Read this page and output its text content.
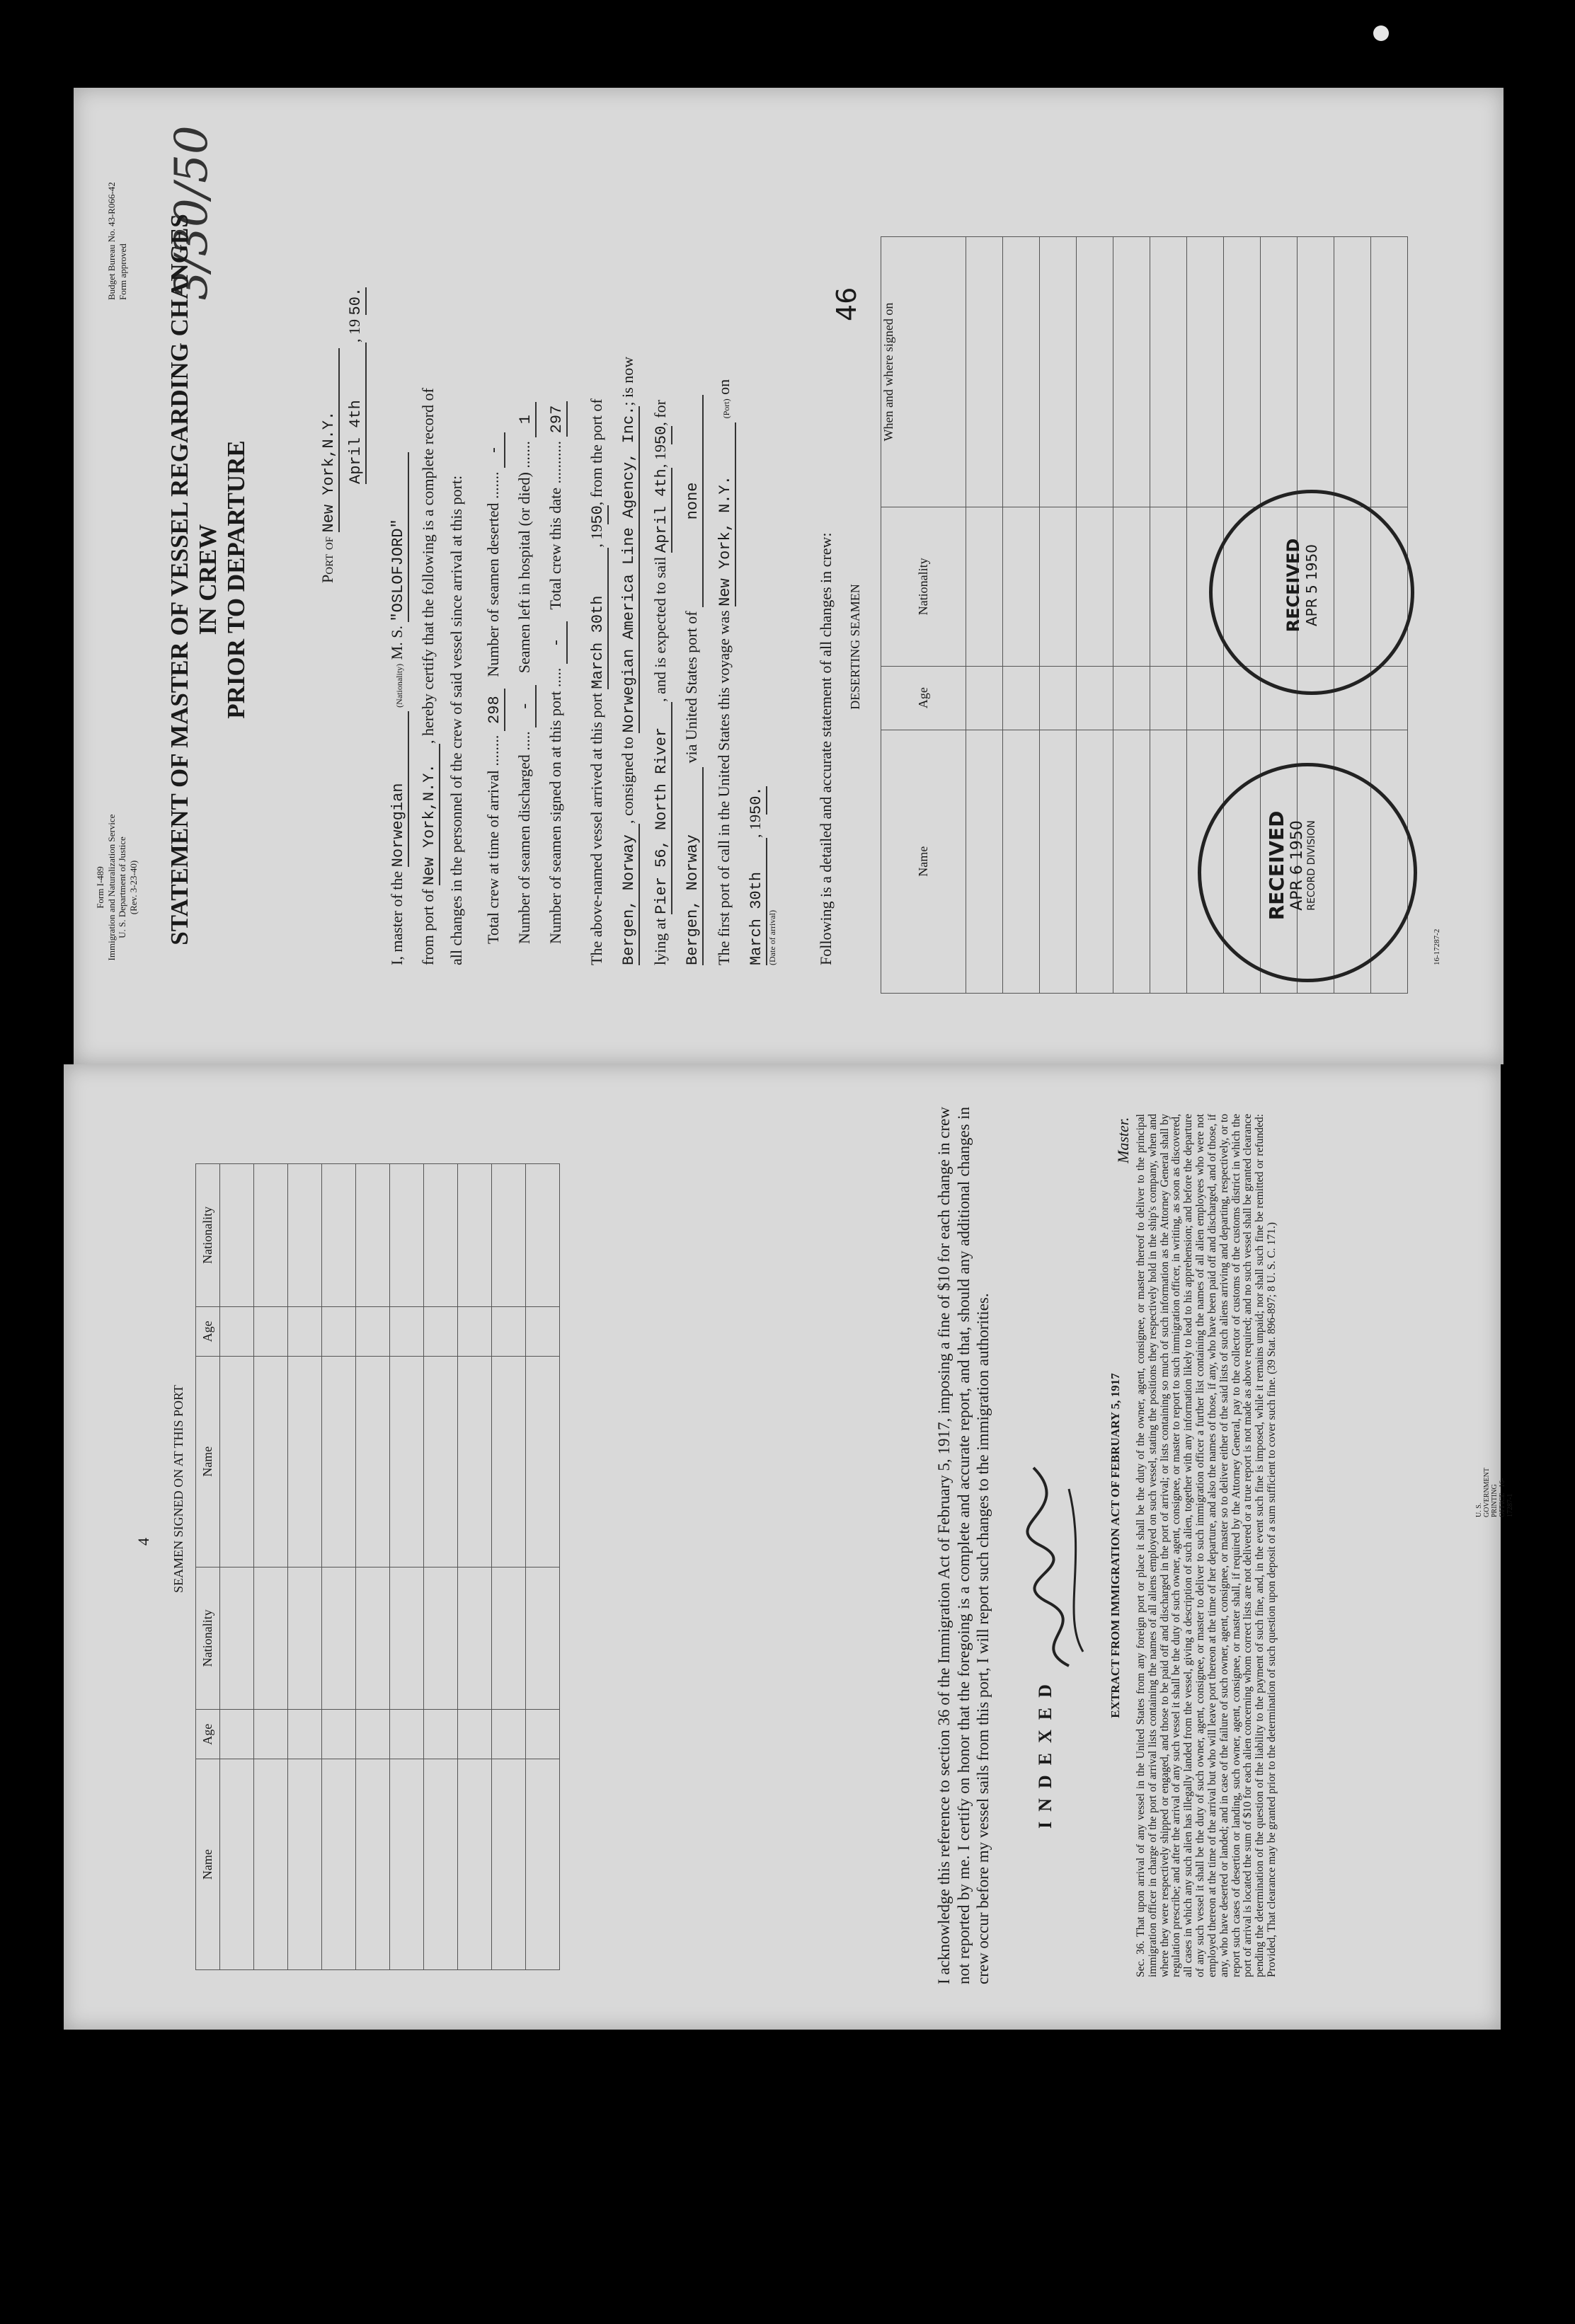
Form I-489 Immigration and Naturalization Service U. S. Department of Justice (Rev. 3-23-40)
Budget Bureau No. 43-R066-42 Form approved 3/30/50
STATEMENT OF MASTER OF VESSEL REGARDING CHANGES IN CREW PRIOR TO DEPARTURE	Port of New York,N.Y. April 4th, 19 50.
I, master of the Norwegian (Nationality) M. S. "OSLOFJORD"
from port of New York,N.Y., hereby certify that the following is a complete record of all changes in the personnel of the crew of said vessel since arrival at this port: Total crew at time of arrival ........ 298   Number of seamen deserted ....... -
Number of seamen discharged ..... -   Seamen left in hospital (or died) ....... 1
Number of seamen signed on at this port ..... -   Total crew this date ........... 297
The above-named vessel arrived at this port March 30th, 1950, from the port of
Bergen, Norway, consigned to Norwegian America Line Agency, Inc.; is now
lying at Pier 56, North River, and is expected to sail April 4th, 1950, for
Bergen, Norway via United States port of none
The first port of call in the United States this voyage was New York, N.Y. (Port) on
March 30th, 1950.
(Date of arrival)
46
Following is a detailed and accurate statement of all changes in crew: DESERTING SEAMEN
Name	Age	Nationality	When and where signed on

RECEIVED APR 6 1950 RECORD DIVISION
RECEIVED APR 5 1950
16-17287-2
4 SEAMEN SIGNED ON AT THIS PORT
Name	Age	Nationality	Name	Age	Nationality

						I acknowledge this reference to section 36 of the Immigration Act of February 5, 1917, imposing a fine of $10 for each change in crew not reported by me. I certify on honor that the foregoing is a complete and accurate report, and that, should any additional changes in crew occur before my vessel sails from this port, I will report such changes to the immigration authorities. INDEXED
Master.
EXTRACT FROM IMMIGRATION ACT OF FEBRUARY 5, 1917 Sec. 36. That upon arrival of any vessel in the United States from any foreign port or place it shall be the duty of the owner, agent, consignee, or master thereof to deliver to the principal immigration officer in charge of the port of arrival lists containing the names of all aliens employed on such vessel, stating the positions they respectively hold in the ship's company, when and where they were respectively shipped or engaged, and those to be paid off and discharged in the port of arrival; or lists containing so much of such information as the Attorney General shall by regulation prescribe; and after the arrival of any such vessel it shall be the duty of such owner, agent, consignee, or master to report to such immigration officer, in writing, as soon as discovered, all cases in which any such alien has illegally landed from the vessel, giving a description of such alien, together with any information likely to lead to his apprehension; and before the departure of any such vessel it shall be the duty of such owner, agent, consignee, or master to deliver to such immigration officer a further list containing the names of all alien employees who were not employed thereon at the time of the arrival but who will leave port thereon at the time of her departure, and also the names of those, if any, who have been paid off and discharged, and of those, if any, who have deserted or landed; and in case of the failure of such owner, agent, consignee, or master so to deliver either of the said lists of such aliens arriving and departing, respectively, or to report such cases of desertion or landing, such owner, agent, consignee, or master shall, if required by the Attorney General, pay to the collector of customs of the customs district in which the port of arrival is located the sum of $10 for each alien concerning whom correct lists are not delivered or a true report is not made as above required; and no such vessel shall be granted clearance pending the determination of the question of the liability to the payment of such fine, and, in the event such fine is imposed, while it remains unpaid; nor shall such fine be remitted or refunded: Provided, That clearance may be granted prior to the determination of such question upon deposit of a sum sufficient to cover such fine. (39 Stat. 896-897; 8 U. S. C. 171.)	U. S. GOVERNMENT PRINTING OFFICE   16-17287-1
